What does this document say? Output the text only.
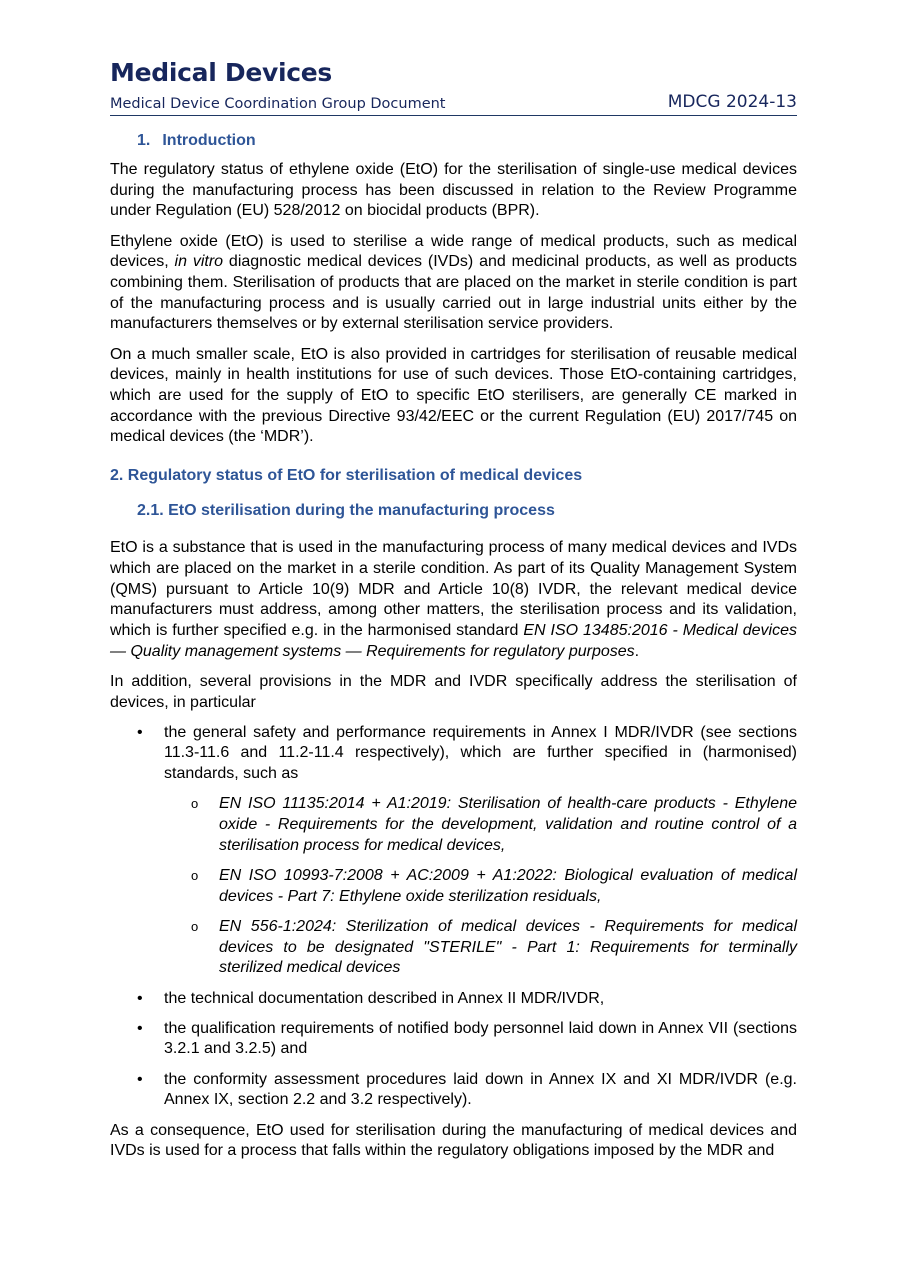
Medical Devices
Medical Device Coordination Group Document	MDCG 2024-13
1. Introduction

The regulatory status of ethylene oxide (EtO) for the sterilisation of single-use medical devices during the manufacturing process has been discussed in relation to the Review Programme under Regulation (EU) 528/2012 on biocidal products (BPR).

Ethylene oxide (EtO) is used to sterilise a wide range of medical products, such as medical devices, in vitro diagnostic medical devices (IVDs) and medicinal products, as well as products combining them. Sterilisation of products that are placed on the market in sterile condition is part of the manufacturing process and is usually carried out in large industrial units either by the manufacturers themselves or by external sterilisation service providers.

On a much smaller scale, EtO is also provided in cartridges for sterilisation of reusable medical devices, mainly in health institutions for use of such devices. Those EtO-containing cartridges, which are used for the supply of EtO to specific EtO sterilisers, are generally CE marked in accordance with the previous Directive 93/42/EEC or the current Regulation (EU) 2017/745 on medical devices (the ‘MDR’).

2. Regulatory status of EtO for sterilisation of medical devices
2.1. EtO sterilisation during the manufacturing process

EtO is a substance that is used in the manufacturing process of many medical devices and IVDs which are placed on the market in a sterile condition. As part of its Quality Management System (QMS) pursuant to Article 10(9) MDR and Article 10(8) IVDR, the relevant medical device manufacturers must address, among other matters, the sterilisation process and its validation, which is further specified e.g. in the harmonised standard EN ISO 13485:2016 - Medical devices — Quality management systems — Requirements for regulatory purposes.

In addition, several provisions in the MDR and IVDR specifically address the sterilisation of devices, in particular

• the general safety and performance requirements in Annex I MDR/IVDR (see sections 11.3-11.6 and 11.2-11.4 respectively), which are further specified in (harmonised) standards, such as
o EN ISO 11135:2014 + A1:2019: Sterilisation of health-care products - Ethylene oxide - Requirements for the development, validation and routine control of a sterilisation process for medical devices,
o EN ISO 10993-7:2008 + AC:2009 + A1:2022: Biological evaluation of medical devices - Part 7: Ethylene oxide sterilization residuals,
o EN 556-1:2024: Sterilization of medical devices - Requirements for medical devices to be designated "STERILE" - Part 1: Requirements for terminally sterilized medical devices
• the technical documentation described in Annex II MDR/IVDR,
• the qualification requirements of notified body personnel laid down in Annex VII (sections 3.2.1 and 3.2.5) and
• the conformity assessment procedures laid down in Annex IX and XI MDR/IVDR (e.g. Annex IX, section 2.2 and 3.2 respectively).

As a consequence, EtO used for sterilisation during the manufacturing of medical devices and IVDs is used for a process that falls within the regulatory obligations imposed by the MDR and
